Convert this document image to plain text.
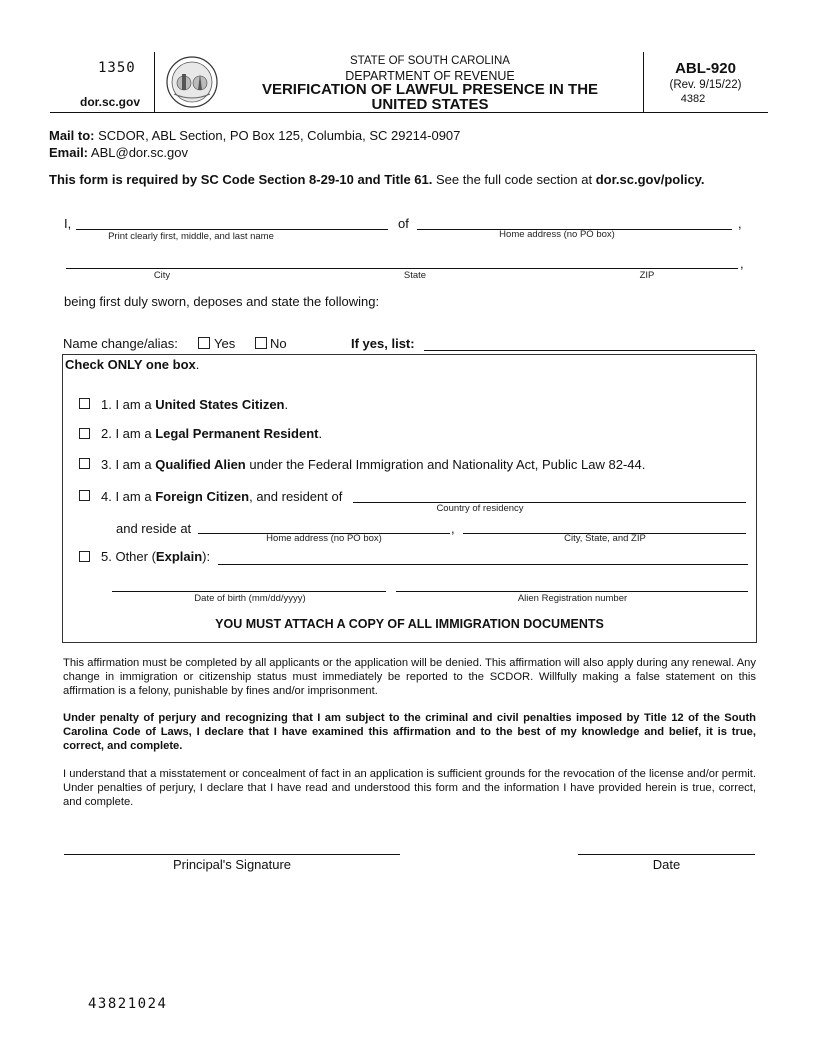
1350
dor.sc.gov
STATE OF SOUTH CAROLINA
DEPARTMENT OF REVENUE
VERIFICATION OF LAWFUL PRESENCE IN THE
UNITED STATES
ABL-920
(Rev. 9/15/22)
4382
Mail to: SCDOR, ABL Section, PO Box 125, Columbia, SC 29214-0907
Email: ABL@dor.sc.gov
This form is required by SC Code Section 8-29-10 and Title 61. See the full code section at dor.sc.gov/policy.
I,
Print clearly first, middle, and last name
of
Home address (no PO box)
,
,
City	State	ZIP
being first duly sworn, deposes and state the following:
Name change/alias:	Yes	No	If yes, list:
Check ONLY one box.
1. I am a United States Citizen.
2. I am a Legal Permanent Resident.
3. I am a Qualified Alien under the Federal Immigration and Nationality Act, Public Law 82-44.
4. I am a Foreign Citizen, and resident of
Country of residency
and reside at	,
Home address (no PO box)	City, State, and ZIP
5. Other (Explain):
Date of birth (mm/dd/yyyy)	Alien Registration number
YOU MUST ATTACH A COPY OF ALL IMMIGRATION DOCUMENTS
This affirmation must be completed by all applicants or the application will be denied. This affirmation will also apply during any renewal. Any change in immigration or citizenship status must immediately be reported to the SCDOR. Willfully making a false statement on this affirmation is a felony, punishable by fines and/or imprisonment.
Under penalty of perjury and recognizing that I am subject to the criminal and civil penalties imposed by Title 12 of the South Carolina Code of Laws, I declare that I have examined this affirmation and to the best of my knowledge and belief, it is true, correct, and complete.
I understand that a misstatement or concealment of fact in an application is sufficient grounds for the revocation of the license and/or permit. Under penalties of perjury, I declare that I have read and understood this form and the information I have provided herein is true, correct, and complete.
Principal's Signature	Date
43821024
